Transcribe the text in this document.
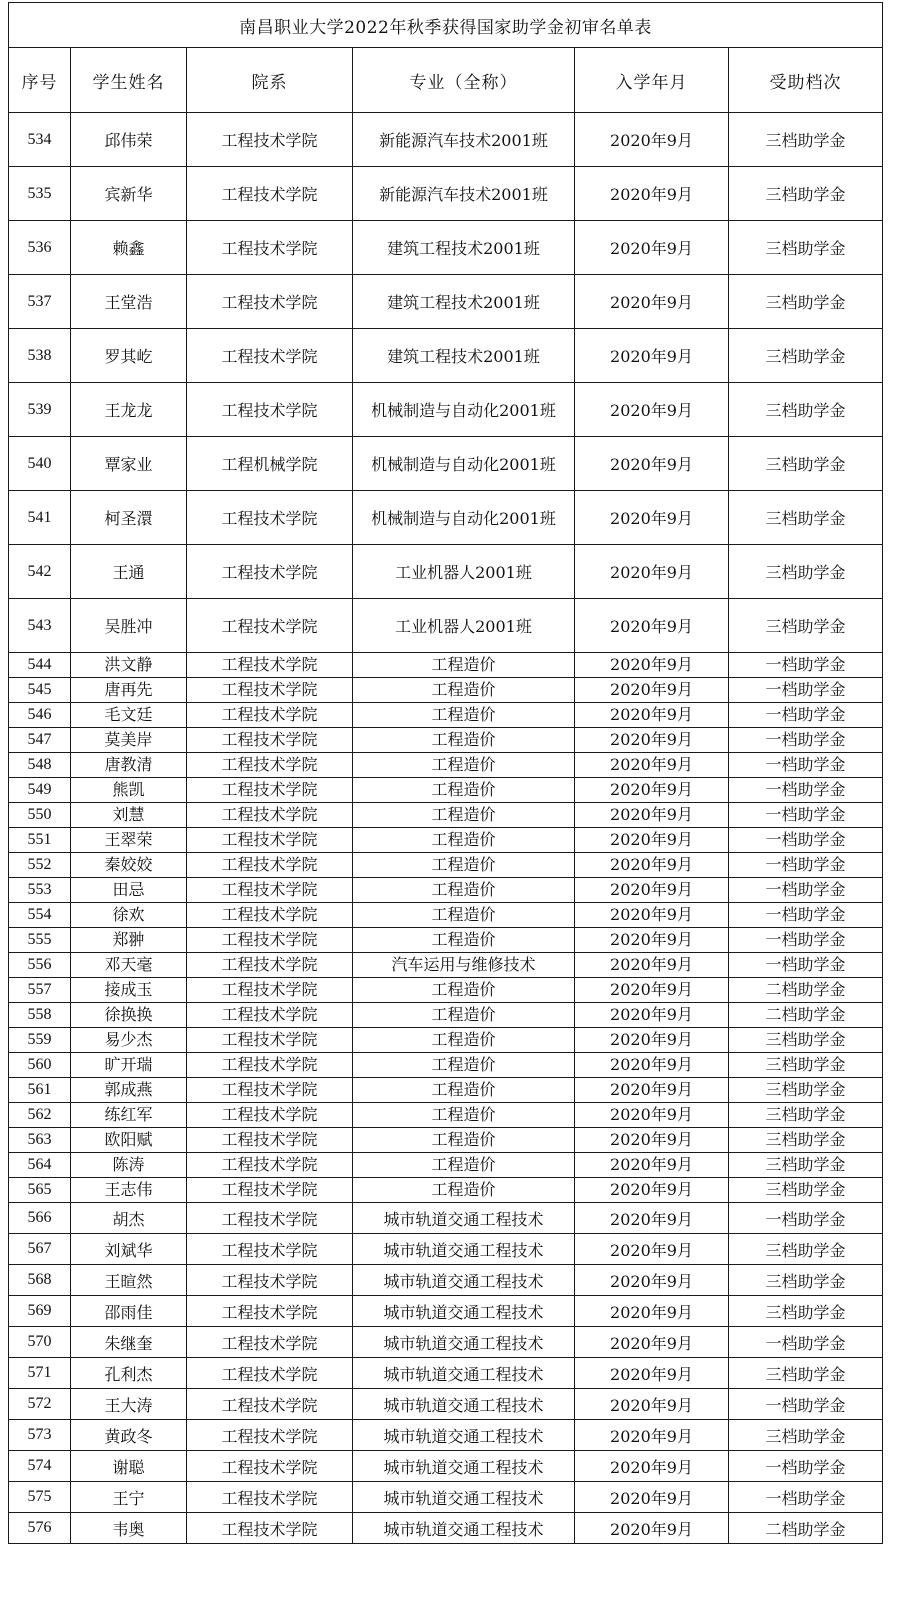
南昌职业大学2022年秋季获得国家助学金初审名单表					
序号	学生姓名	院系	专业（全称）	入学年月	受助档次
534	邱伟荣	工程技术学院	新能源汽车技术2001班	2020年9月	三档助学金
535	宾新华	工程技术学院	新能源汽车技术2001班	2020年9月	三档助学金
536	赖鑫	工程技术学院	建筑工程技术2001班	2020年9月	三档助学金
537	王堂浩	工程技术学院	建筑工程技术2001班	2020年9月	三档助学金
538	罗其屹	工程技术学院	建筑工程技术2001班	2020年9月	三档助学金
539	王龙龙	工程技术学院	机械制造与自动化2001班	2020年9月	三档助学金
540	覃家业	工程机械学院	机械制造与自动化2001班	2020年9月	三档助学金
541	柯圣澴	工程技术学院	机械制造与自动化2001班	2020年9月	三档助学金
542	王通	工程技术学院	工业机器人2001班	2020年9月	三档助学金
543	吴胜冲	工程技术学院	工业机器人2001班	2020年9月	三档助学金
544	洪文静	工程技术学院	工程造价	2020年9月	一档助学金
545	唐再先	工程技术学院	工程造价	2020年9月	一档助学金
546	毛文廷	工程技术学院	工程造价	2020年9月	一档助学金
547	莫美岸	工程技术学院	工程造价	2020年9月	一档助学金
548	唐教清	工程技术学院	工程造价	2020年9月	一档助学金
549	熊凯	工程技术学院	工程造价	2020年9月	一档助学金
550	刘慧	工程技术学院	工程造价	2020年9月	一档助学金
551	王翠荣	工程技术学院	工程造价	2020年9月	一档助学金
552	秦姣姣	工程技术学院	工程造价	2020年9月	一档助学金
553	田忌	工程技术学院	工程造价	2020年9月	一档助学金
554	徐欢	工程技术学院	工程造价	2020年9月	一档助学金
555	郑翀	工程技术学院	工程造价	2020年9月	一档助学金
556	邓天毫	工程技术学院	汽车运用与维修技术	2020年9月	一档助学金
557	接成玉	工程技术学院	工程造价	2020年9月	二档助学金
558	徐换换	工程技术学院	工程造价	2020年9月	二档助学金
559	易少杰	工程技术学院	工程造价	2020年9月	三档助学金
560	旷开瑞	工程技术学院	工程造价	2020年9月	三档助学金
561	郭成燕	工程技术学院	工程造价	2020年9月	三档助学金
562	练红军	工程技术学院	工程造价	2020年9月	三档助学金
563	欧阳赋	工程技术学院	工程造价	2020年9月	三档助学金
564	陈涛	工程技术学院	工程造价	2020年9月	三档助学金
565	王志伟	工程技术学院	工程造价	2020年9月	三档助学金
566	胡杰	工程技术学院	城市轨道交通工程技术	2020年9月	一档助学金
567	刘斌华	工程技术学院	城市轨道交通工程技术	2020年9月	三档助学金
568	王暄然	工程技术学院	城市轨道交通工程技术	2020年9月	三档助学金
569	邵雨佳	工程技术学院	城市轨道交通工程技术	2020年9月	三档助学金
570	朱继奎	工程技术学院	城市轨道交通工程技术	2020年9月	一档助学金
571	孔利杰	工程技术学院	城市轨道交通工程技术	2020年9月	三档助学金
572	王大涛	工程技术学院	城市轨道交通工程技术	2020年9月	一档助学金
573	黄政冬	工程技术学院	城市轨道交通工程技术	2020年9月	三档助学金
574	谢聪	工程技术学院	城市轨道交通工程技术	2020年9月	一档助学金
575	王宁	工程技术学院	城市轨道交通工程技术	2020年9月	一档助学金
576	韦奥	工程技术学院	城市轨道交通工程技术	2020年9月	二档助学金
